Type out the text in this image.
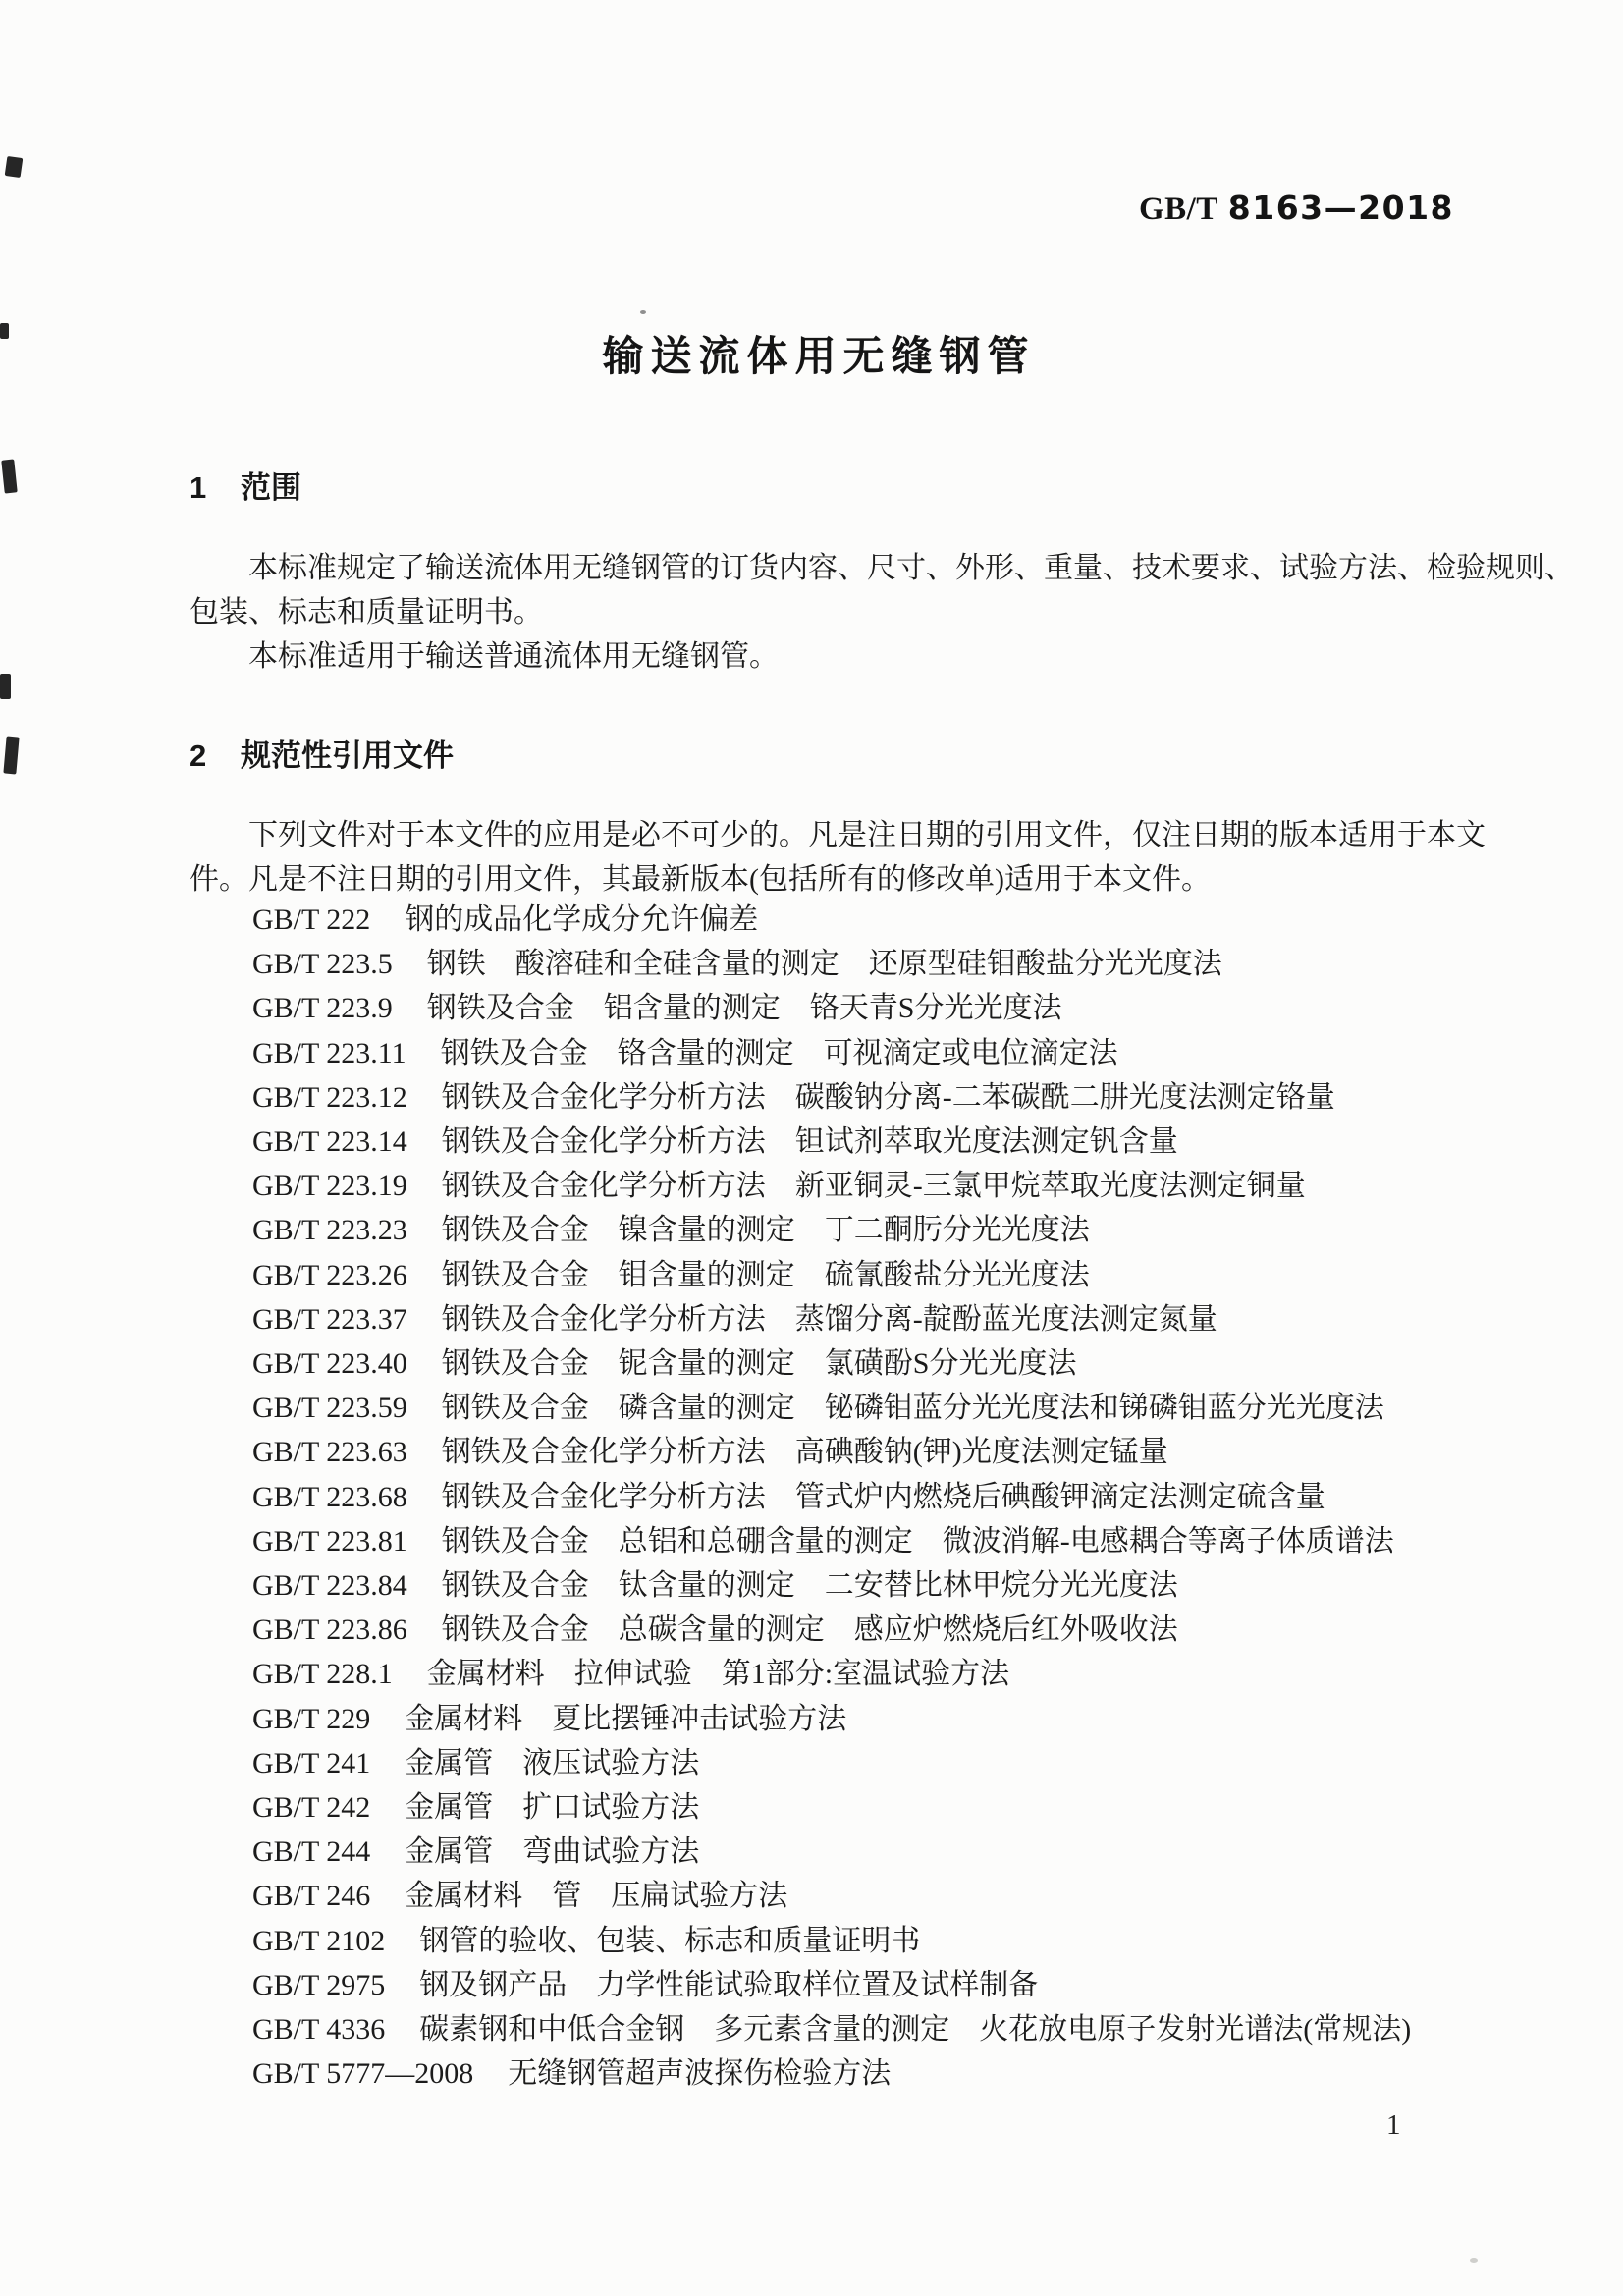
GB/T 8163—2018
输送流体用无缝钢管
1 范围
本标准规定了输送流体用无缝钢管的订货内容、尺寸、外形、重量、技术要求、试验方法、检验规则、
包装、标志和质量证明书。
本标准适用于输送普通流体用无缝钢管。
2 规范性引用文件
下列文件对于本文件的应用是必不可少的。凡是注日期的引用文件，仅注日期的版本适用于本文
件。凡是不注日期的引用文件，其最新版本(包括所有的修改单)适用于本文件。
GB/T 222 钢的成品化学成分允许偏差
GB/T 223.5 钢铁　酸溶硅和全硅含量的测定　还原型硅钼酸盐分光光度法
GB/T 223.9 钢铁及合金　铝含量的测定　铬天青S分光光度法
GB/T 223.11 钢铁及合金　铬含量的测定　可视滴定或电位滴定法
GB/T 223.12 钢铁及合金化学分析方法　碳酸钠分离-二苯碳酰二肼光度法测定铬量
GB/T 223.14 钢铁及合金化学分析方法　钽试剂萃取光度法测定钒含量
GB/T 223.19 钢铁及合金化学分析方法　新亚铜灵-三氯甲烷萃取光度法测定铜量
GB/T 223.23 钢铁及合金　镍含量的测定　丁二酮肟分光光度法
GB/T 223.26 钢铁及合金　钼含量的测定　硫氰酸盐分光光度法
GB/T 223.37 钢铁及合金化学分析方法　蒸馏分离-靛酚蓝光度法测定氮量
GB/T 223.40 钢铁及合金　铌含量的测定　氯磺酚S分光光度法
GB/T 223.59 钢铁及合金　磷含量的测定　铋磷钼蓝分光光度法和锑磷钼蓝分光光度法
GB/T 223.63 钢铁及合金化学分析方法　高碘酸钠(钾)光度法测定锰量
GB/T 223.68 钢铁及合金化学分析方法　管式炉内燃烧后碘酸钾滴定法测定硫含量
GB/T 223.81 钢铁及合金　总铝和总硼含量的测定　微波消解-电感耦合等离子体质谱法
GB/T 223.84 钢铁及合金　钛含量的测定　二安替比林甲烷分光光度法
GB/T 223.86 钢铁及合金　总碳含量的测定　感应炉燃烧后红外吸收法
GB/T 228.1 金属材料　拉伸试验　第1部分:室温试验方法
GB/T 229 金属材料　夏比摆锤冲击试验方法
GB/T 241 金属管　液压试验方法
GB/T 242 金属管　扩口试验方法
GB/T 244 金属管　弯曲试验方法
GB/T 246 金属材料　管　压扁试验方法
GB/T 2102 钢管的验收、包装、标志和质量证明书
GB/T 2975 钢及钢产品　力学性能试验取样位置及试样制备
GB/T 4336 碳素钢和中低合金钢　多元素含量的测定　火花放电原子发射光谱法(常规法)
GB/T 5777—2008 无缝钢管超声波探伤检验方法
1
